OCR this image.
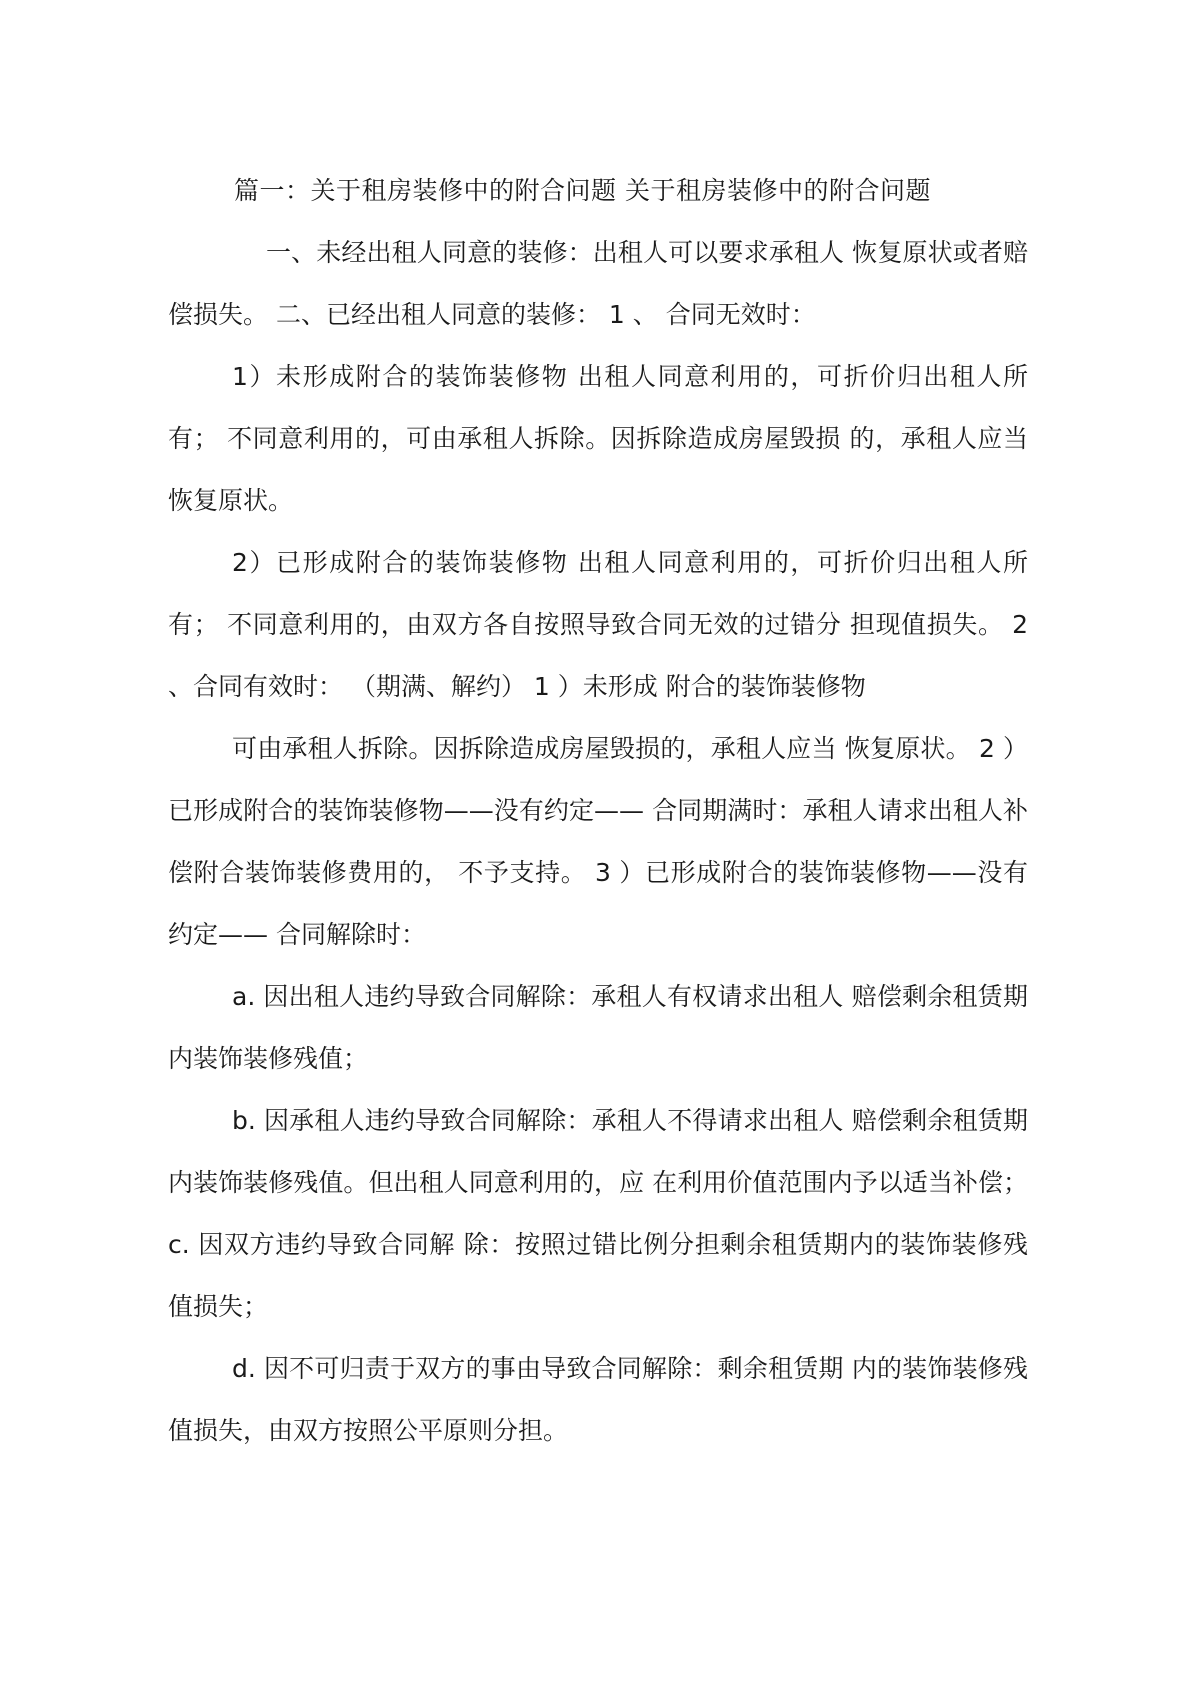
篇一：关于租房装修中的附合问题 关于租房装修中的附合问题

一、未经出租人同意的装修：出租人可以要求承租人 恢复原状或者赔偿损失。 二、已经出租人同意的装修： 1 、 合同无效时：

1）未形成附合的装饰装修物 出租人同意利用的，可折价归出租人所有； 不同意利用的，可由承租人拆除。因拆除造成房屋毁损 的，承租人应当恢复原状。

2）已形成附合的装饰装修物 出租人同意利用的，可折价归出租人所有； 不同意利用的，由双方各自按照导致合同无效的过错分 担现值损失。 2 、合同有效时： （期满、解约） 1 ）未形成 附合的装饰装修物

可由承租人拆除。因拆除造成房屋毁损的，承租人应当 恢复原状。 2 ）已形成附合的装饰装修物——没有约定—— 合同期满时：承租人请求出租人补偿附合装饰装修费用的， 不予支持。 3 ）已形成附合的装饰装修物——没有约定—— 合同解除时：

a. 因出租人违约导致合同解除：承租人有权请求出租人 赔偿剩余租赁期内装饰装修残值；

b. 因承租人违约导致合同解除：承租人不得请求出租人 赔偿剩余租赁期内装饰装修残值。但出租人同意利用的，应 在利用价值范围内予以适当补偿； c. 因双方违约导致合同解 除：按照过错比例分担剩余租赁期内的装饰装修残值损失；

d. 因不可归责于双方的事由导致合同解除：剩余租赁期 内的装饰装修残值损失，由双方按照公平原则分担。
